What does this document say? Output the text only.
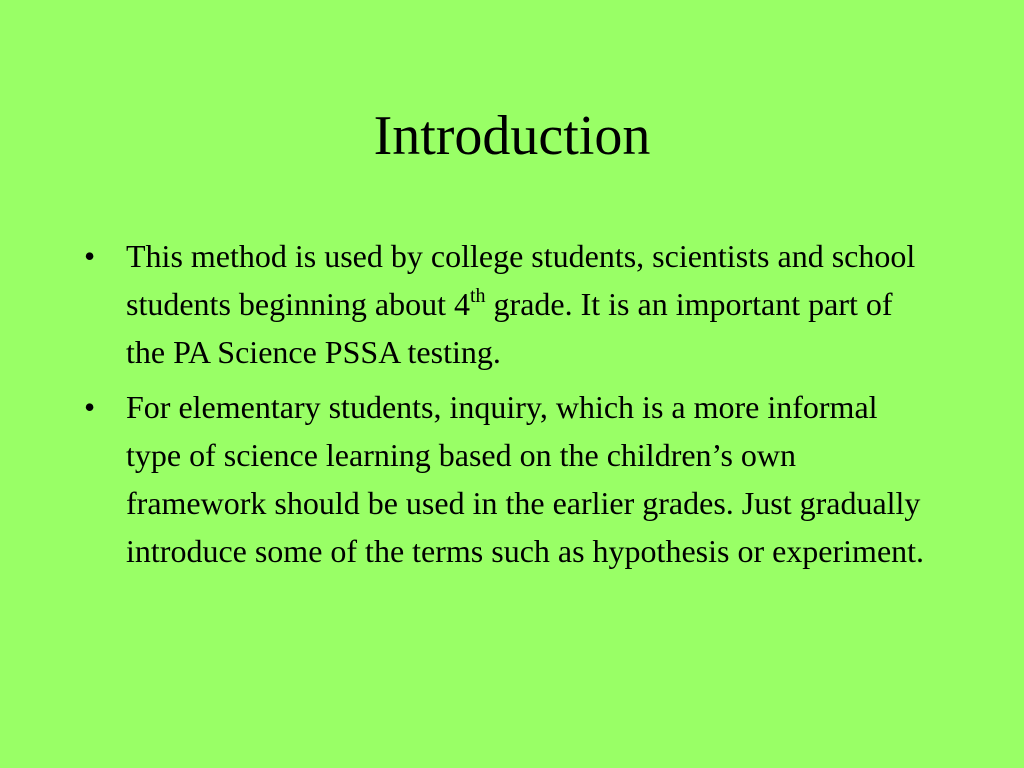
Introduction
• This method is used by college students, scientists and school students beginning about 4th grade. It is an important part of the PA Science PSSA testing.
• For elementary students, inquiry, which is a more informal type of science learning based on the children’s own framework should be used in the earlier grades. Just gradually introduce some of the terms such as hypothesis or experiment.
